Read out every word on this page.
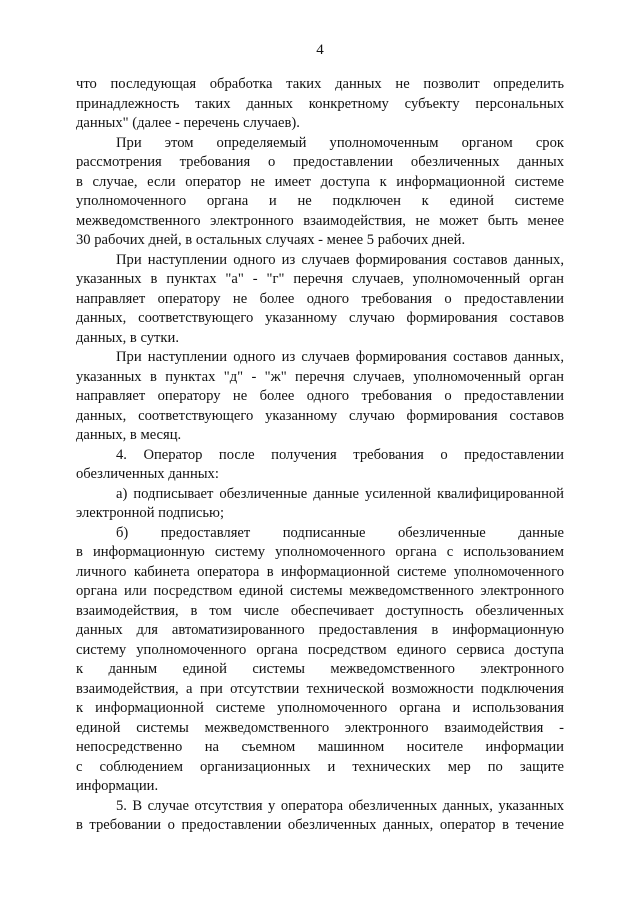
4
что последующая обработка таких данных не позволит определить
принадлежность таких данных конкретному субъекту персональных
данных" (далее - перечень случаев).
При этом определяемый уполномоченным органом срок
рассмотрения требования о предоставлении обезличенных данных
в случае, если оператор не имеет доступа к информационной системе
уполномоченного органа и не подключен к единой системе
межведомственного электронного взаимодействия, не может быть менее
30 рабочих дней, в остальных случаях - менее 5 рабочих дней.
При наступлении одного из случаев формирования составов данных,
указанных в пунктах "а" - "г" перечня случаев, уполномоченный орган
направляет оператору не более одного требования о предоставлении
данных, соответствующего указанному случаю формирования составов
данных, в сутки.
При наступлении одного из случаев формирования составов данных,
указанных в пунктах "д" - "ж" перечня случаев, уполномоченный орган
направляет оператору не более одного требования о предоставлении
данных, соответствующего указанному случаю формирования составов
данных, в месяц.
4. Оператор после получения требования о предоставлении
обезличенных данных:
а) подписывает обезличенные данные усиленной квалифицированной
электронной подписью;
б) предоставляет подписанные обезличенные данные
в информационную систему уполномоченного органа с использованием
личного кабинета оператора в информационной системе уполномоченного
органа или посредством единой системы межведомственного электронного
взаимодействия, в том числе обеспечивает доступность обезличенных
данных для автоматизированного предоставления в информационную
систему уполномоченного органа посредством единого сервиса доступа
к данным единой системы межведомственного электронного
взаимодействия, а при отсутствии технической возможности подключения
к информационной системе уполномоченного органа и использования
единой системы межведомственного электронного взаимодействия -
непосредственно на съемном машинном носителе информации
с соблюдением организационных и технических мер по защите
информации.
5. В случае отсутствия у оператора обезличенных данных, указанных
в требовании о предоставлении обезличенных данных, оператор в течение
